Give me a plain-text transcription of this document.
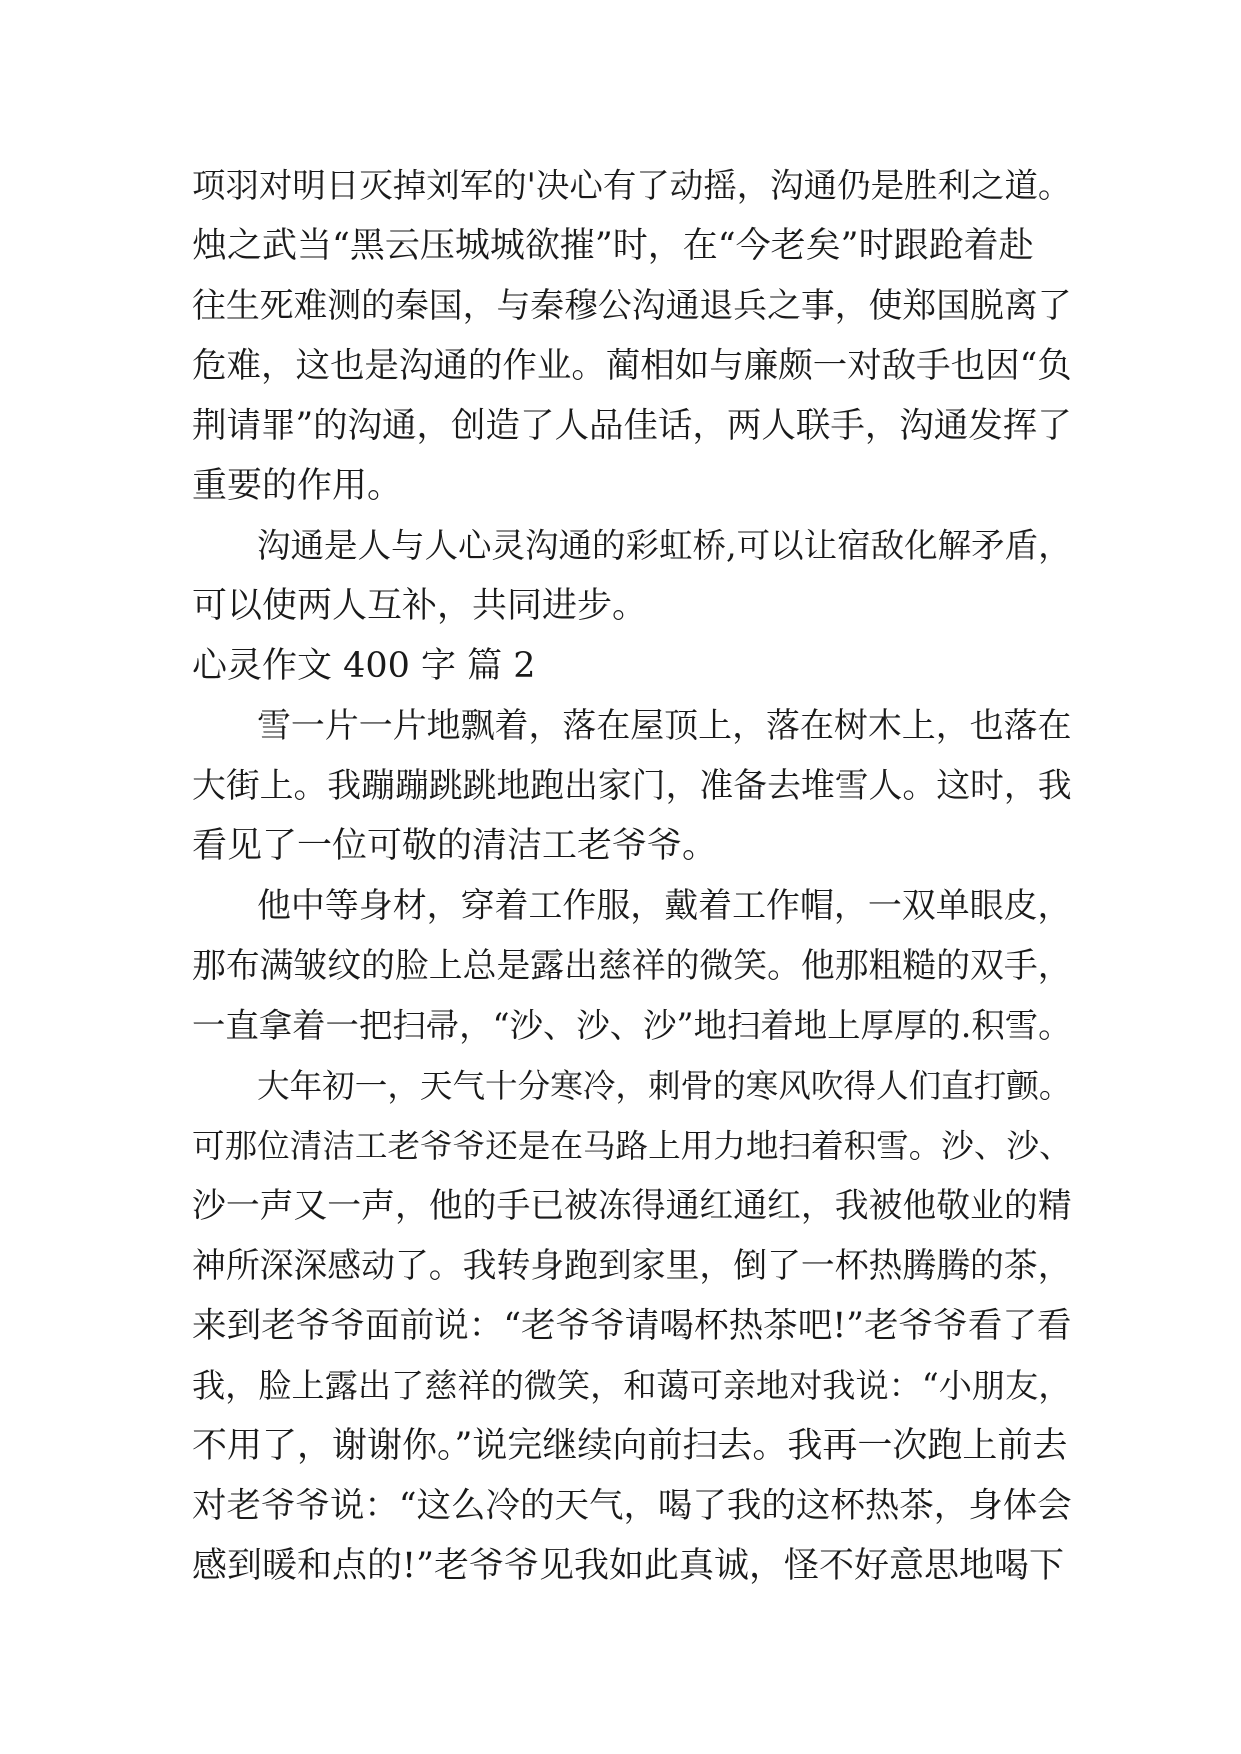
项羽对明日灭掉刘军的'决心有了动摇，沟通仍是胜利之道。
烛之武当“黑云压城城欲摧”时，在“今老矣”时跟跄着赴
往生死难测的秦国，与秦穆公沟通退兵之事，使郑国脱离了
危难，这也是沟通的作业。蔺相如与廉颇一对敌手也因“负
荆请罪”的沟通，创造了人品佳话，两人联手，沟通发挥了
重要的作用。
沟通是人与人心灵沟通的彩虹桥,可以让宿敌化解矛盾，
可以使两人互补，共同进步。
心灵作文 400 字 篇 2
雪一片一片地飘着，落在屋顶上，落在树木上，也落在
大街上。我蹦蹦跳跳地跑出家门，准备去堆雪人。这时，我
看见了一位可敬的清洁工老爷爷。
他中等身材，穿着工作服，戴着工作帽，一双单眼皮，
那布满皱纹的脸上总是露出慈祥的微笑。他那粗糙的双手，
一直拿着一把扫帚，“沙、沙、沙”地扫着地上厚厚的.积雪。
大年初一，天气十分寒冷，刺骨的寒风吹得人们直打颤。
可那位清洁工老爷爷还是在马路上用力地扫着积雪。沙、沙、
沙一声又一声，他的手已被冻得通红通红，我被他敬业的精
神所深深感动了。我转身跑到家里，倒了一杯热腾腾的茶，
来到老爷爷面前说：“老爷爷请喝杯热茶吧!”老爷爷看了看
我，脸上露出了慈祥的微笑，和蔼可亲地对我说：“小朋友，
不用了，谢谢你。”说完继续向前扫去。我再一次跑上前去
对老爷爷说：“这么冷的天气，喝了我的这杯热茶，身体会
感到暖和点的!”老爷爷见我如此真诚，怪不好意思地喝下
